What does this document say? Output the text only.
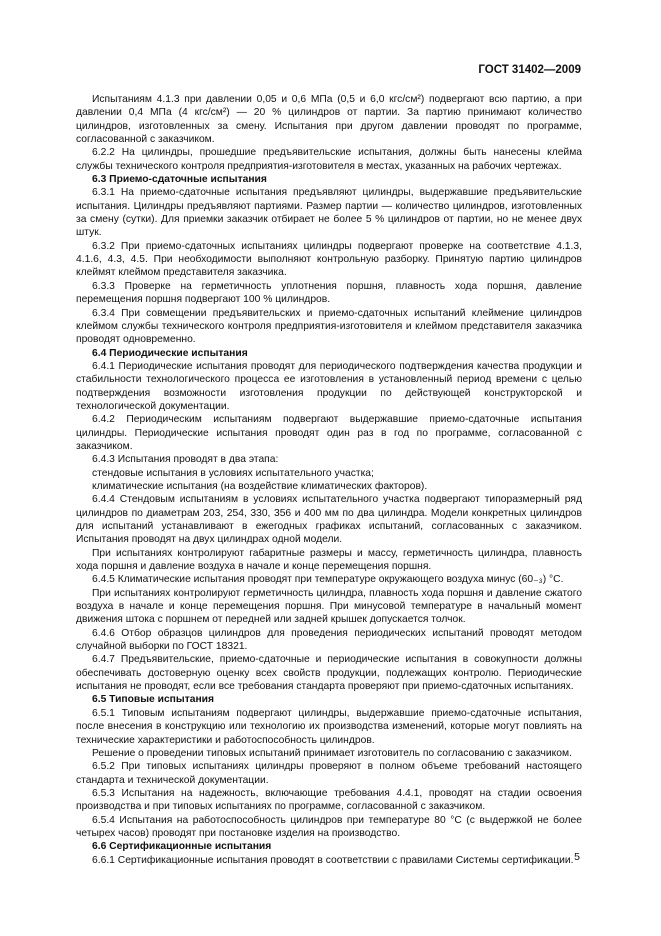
ГОСТ 31402—2009

Испытаниям 4.1.3 при давлении 0,05 и 0,6 МПа (0,5 и 6,0 кгс/см²) подвергают всю партию, а при давлении 0,4 МПа (4 кгс/см²) — 20 % цилиндров от партии. За партию принимают количество цилиндров, изготовленных за смену. Испытания при другом давлении проводят по программе, согласованной с заказчиком.

6.2.2 На цилиндры, прошедшие предъявительские испытания, должны быть нанесены клейма службы технического контроля предприятия-изготовителя в местах, указанных на рабочих чертежах.

6.3 Приемо-сдаточные испытания

6.3.1 На приемо-сдаточные испытания предъявляют цилиндры, выдержавшие предъявительские испытания. Цилиндры предъявляют партиями. Размер партии — количество цилиндров, изготовленных за смену (сутки). Для приемки заказчик отбирает не более 5 % цилиндров от партии, но не менее двух штук.

6.3.2 При приемо-сдаточных испытаниях цилиндры подвергают проверке на соответствие 4.1.3, 4.1.6, 4.3, 4.5. При необходимости выполняют контрольную разборку. Принятую партию цилиндров клеймят клеймом представителя заказчика.

6.3.3 Проверке на герметичность уплотнения поршня, плавность хода поршня, давление перемещения поршня подвергают 100 % цилиндров.

6.3.4 При совмещении предъявительских и приемо-сдаточных испытаний клеймение цилиндров клеймом службы технического контроля предприятия-изготовителя и клеймом представителя заказчика проводят одновременно.

6.4 Периодические испытания

6.4.1 Периодические испытания проводят для периодического подтверждения качества продукции и стабильности технологического процесса ее изготовления в установленный период времени с целью подтверждения возможности изготовления продукции по действующей конструкторской и технологической документации.

6.4.2 Периодическим испытаниям подвергают выдержавшие приемо-сдаточные испытания цилиндры. Периодические испытания проводят один раз в год по программе, согласованной с заказчиком.

6.4.3 Испытания проводят в два этапа:

стендовые испытания в условиях испытательного участка;

климатические испытания (на воздействие климатических факторов).

6.4.4 Стендовым испытаниям в условиях испытательного участка подвергают типоразмерный ряд цилиндров по диаметрам 203, 254, 330, 356 и 400 мм по два цилиндра. Модели конкретных цилиндров для испытаний устанавливают в ежегодных графиках испытаний, согласованных с заказчиком. Испытания проводят на двух цилиндрах одной модели.

При испытаниях контролируют габаритные размеры и массу, герметичность цилиндра, плавность хода поршня и давление воздуха в начале и конце перемещения поршня.

6.4.5 Климатические испытания проводят при температуре окружающего воздуха минус (60₋₃) °С.

При испытаниях контролируют герметичность цилиндра, плавность хода поршня и давление сжатого воздуха в начале и конце перемещения поршня. При минусовой температуре в начальный момент движения штока с поршнем от передней или задней крышек допускается толчок.

6.4.6 Отбор образцов цилиндров для проведения периодических испытаний проводят методом случайной выборки по ГОСТ 18321.

6.4.7 Предъявительские, приемо-сдаточные и периодические испытания в совокупности должны обеспечивать достоверную оценку всех свойств продукции, подлежащих контролю. Периодические испытания не проводят, если все требования стандарта проверяют при приемо-сдаточных испытаниях.

6.5 Типовые испытания

6.5.1 Типовым испытаниям подвергают цилиндры, выдержавшие приемо-сдаточные испытания, после внесения в конструкцию или технологию их производства изменений, которые могут повлиять на технические характеристики и работоспособность цилиндров.

Решение о проведении типовых испытаний принимает изготовитель по согласованию с заказчиком.

6.5.2 При типовых испытаниях цилиндры проверяют в полном объеме требований настоящего стандарта и технической документации.

6.5.3 Испытания на надежность, включающие требования 4.4.1, проводят на стадии освоения производства и при типовых испытаниях по программе, согласованной с заказчиком.

6.5.4 Испытания на работоспособность цилиндров при температуре 80 °С (с выдержкой не более четырех часов) проводят при постановке изделия на производство.

6.6 Сертификационные испытания

6.6.1 Сертификационные испытания проводят в соответствии с правилами Системы сертификации. 5
